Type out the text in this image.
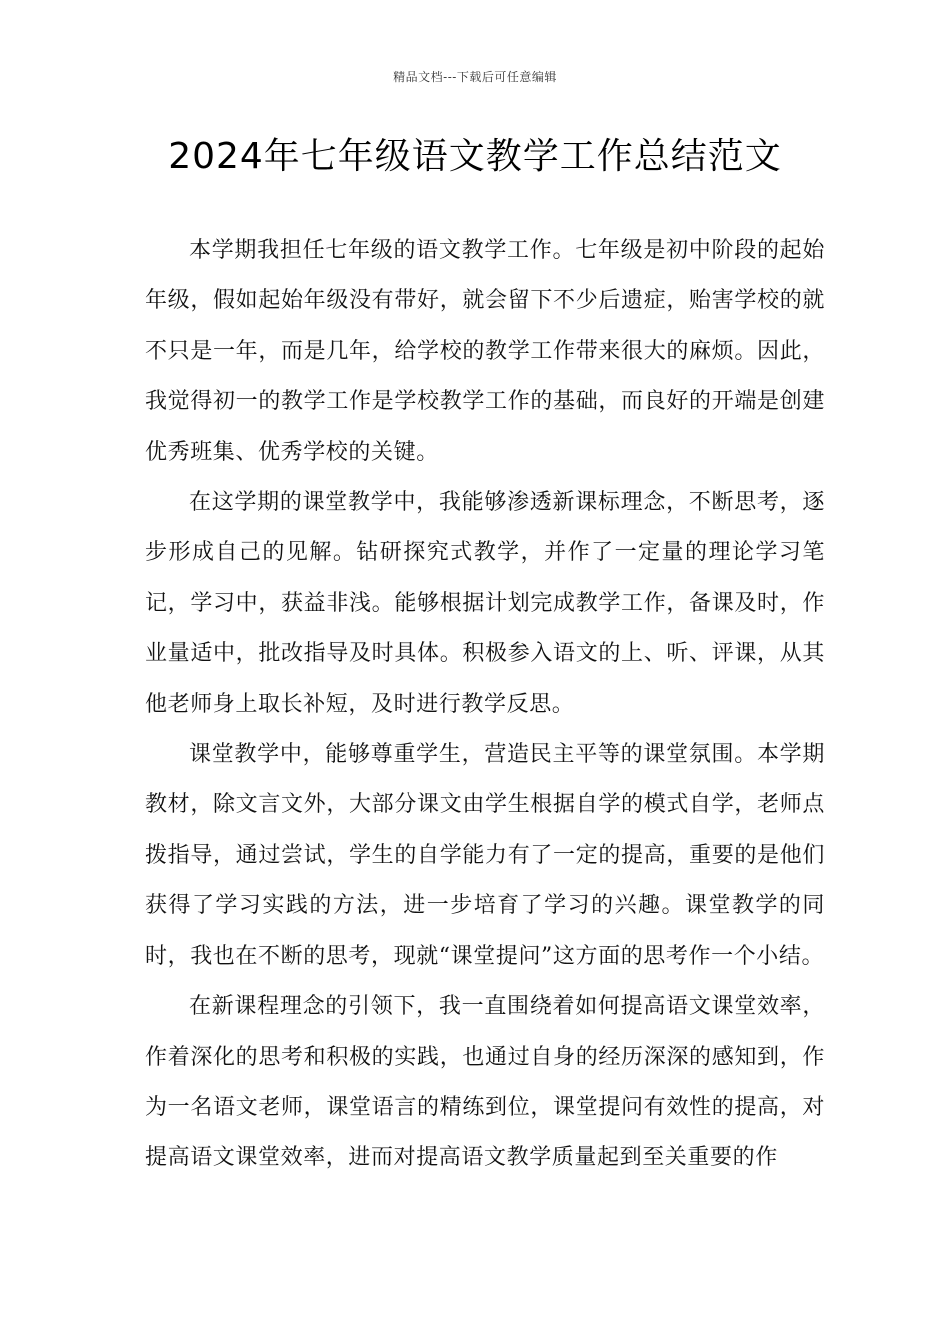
精品文档---下载后可任意编辑
2024年七年级语文教学工作总结范文

本学期我担任七年级的语文教学工作。七年级是初中阶段的起始年级，假如起始年级没有带好，就会留下不少后遗症，贻害学校的就不只是一年，而是几年，给学校的教学工作带来很大的麻烦。因此，我觉得初一的教学工作是学校教学工作的基础，而良好的开端是创建优秀班集、优秀学校的关键。

在这学期的课堂教学中，我能够渗透新课标理念，不断思考，逐步形成自己的见解。钻研探究式教学，并作了一定量的理论学习笔记，学习中，获益非浅。能够根据计划完成教学工作，备课及时，作业量适中，批改指导及时具体。积极参入语文的上、听、评课，从其他老师身上取长补短，及时进行教学反思。

课堂教学中，能够尊重学生，营造民主平等的课堂氛围。本学期教材，除文言文外，大部分课文由学生根据自学的模式自学，老师点拨指导，通过尝试，学生的自学能力有了一定的提高，重要的是他们获得了学习实践的方法，进一步培育了学习的兴趣。课堂教学的同时，我也在不断的思考，现就“课堂提问”这方面的思考作一个小结。

在新课程理念的引领下，我一直围绕着如何提高语文课堂效率，作着深化的思考和积极的实践，也通过自身的经历深深的感知到，作为一名语文老师，课堂语言的精练到位，课堂提问有效性的提高，对提高语文课堂效率，进而对提高语文教学质量起到至关重要的作
